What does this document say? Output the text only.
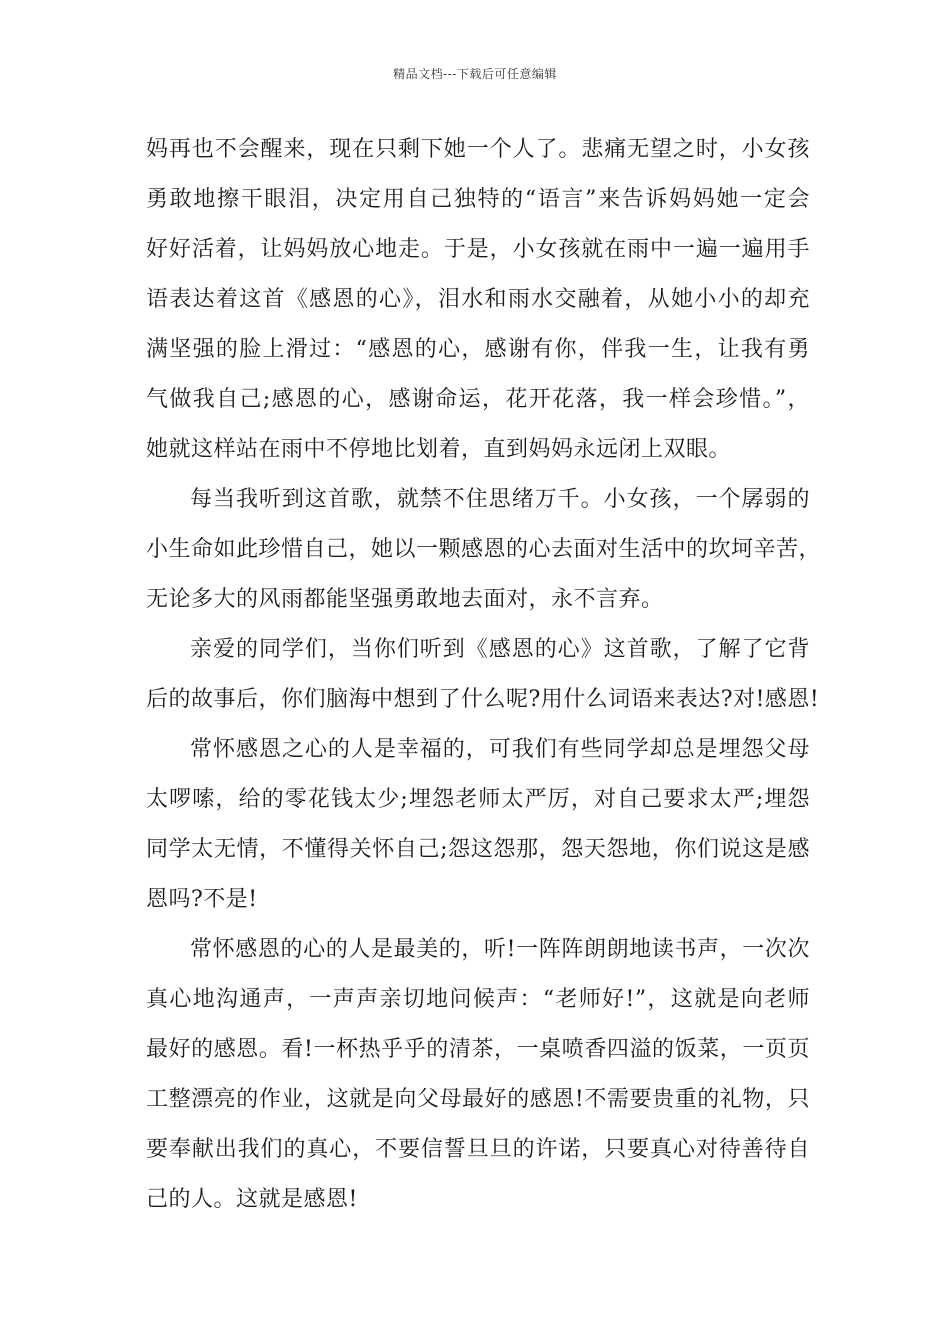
精品文档---下载后可任意编辑
妈再也不会醒来，现在只剩下她一个人了。悲痛无望之时，小女孩
勇敢地擦干眼泪，决定用自己独特的“语言”来告诉妈妈她一定会
好好活着，让妈妈放心地走。于是，小女孩就在雨中一遍一遍用手
语表达着这首《感恩的心》，泪水和雨水交融着，从她小小的却充
满坚强的脸上滑过：“感恩的心，感谢有你，伴我一生，让我有勇
气做我自己;感恩的心，感谢命运，花开花落，我一样会珍惜。”，
她就这样站在雨中不停地比划着，直到妈妈永远闭上双眼。
每当我听到这首歌，就禁不住思绪万千。小女孩，一个孱弱的
小生命如此珍惜自己，她以一颗感恩的心去面对生活中的坎坷辛苦，
无论多大的风雨都能坚强勇敢地去面对，永不言弃。
亲爱的同学们，当你们听到《感恩的心》这首歌，了解了它背
后的故事后，你们脑海中想到了什么呢?用什么词语来表达?对!感恩!
常怀感恩之心的人是幸福的，可我们有些同学却总是埋怨父母
太啰嗦，给的零花钱太少;埋怨老师太严厉，对自己要求太严;埋怨
同学太无情，不懂得关怀自己;怨这怨那，怨天怨地，你们说这是感
恩吗?不是!
常怀感恩的心的人是最美的，听!一阵阵朗朗地读书声，一次次
真心地沟通声，一声声亲切地问候声：“老师好!”，这就是向老师
最好的感恩。看!一杯热乎乎的清茶，一桌喷香四溢的饭菜，一页页
工整漂亮的作业，这就是向父母最好的感恩!不需要贵重的礼物，只
要奉献出我们的真心，不要信誓旦旦的许诺，只要真心对待善待自
己的人。这就是感恩!
